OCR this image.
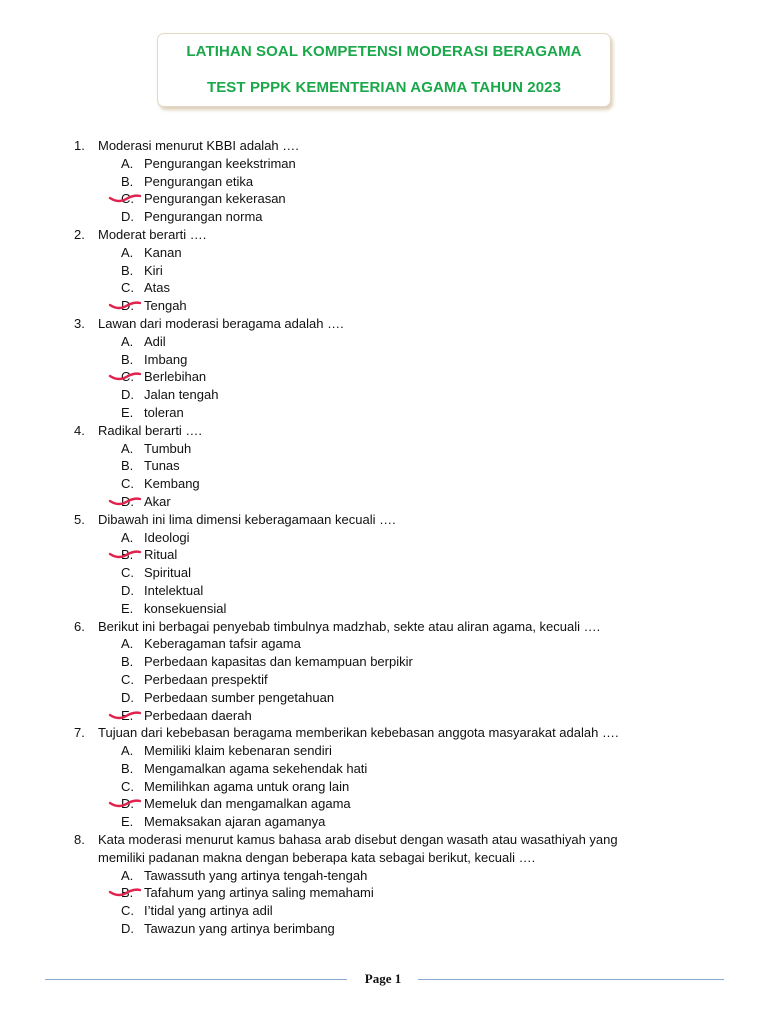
LATIHAN SOAL KOMPETENSI MODERASI BERAGAMA
TEST PPPK KEMENTERIAN AGAMA TAHUN 2023
1.	Moderasi menurut KBBI adalah ….
A. Pengurangan keekstriman
B. Pengurangan etika
C. Pengurangan kekerasan
D. Pengurangan norma
2.	Moderat berarti ….
A. Kanan
B. Kiri
C. Atas
D. Tengah
3.	Lawan dari moderasi beragama adalah ….
A. Adil
B. Imbang
C. Berlebihan
D. Jalan tengah
E. toleran
4.	Radikal berarti ….
A. Tumbuh
B. Tunas
C. Kembang
D. Akar
5.	Dibawah ini lima dimensi keberagamaan kecuali ….
A. Ideologi
B. Ritual
C. Spiritual
D. Intelektual
E. konsekuensial
6.	Berikut ini berbagai penyebab timbulnya madzhab, sekte atau aliran agama, kecuali ….
A. Keberagaman tafsir agama
B. Perbedaan kapasitas dan kemampuan berpikir
C. Perbedaan prespektif
D. Perbedaan sumber pengetahuan
E. Perbedaan daerah
7.	Tujuan dari kebebasan beragama memberikan kebebasan anggota masyarakat adalah ….
A. Memiliki klaim kebenaran sendiri
B. Mengamalkan agama sekehendak hati
C. Memilihkan agama untuk orang lain
D. Memeluk dan mengamalkan agama
E. Memaksakan ajaran agamanya
8.	Kata moderasi menurut kamus bahasa arab disebut dengan wasath atau wasathiyah yang
memiliki padanan makna dengan beberapa kata sebagai berikut, kecuali ….
A. Tawassuth yang artinya tengah-tengah
B. Tafahum yang artinya saling memahami
C. I’tidal yang artinya adil
D. Tawazun yang artinya berimbang
Page 1
